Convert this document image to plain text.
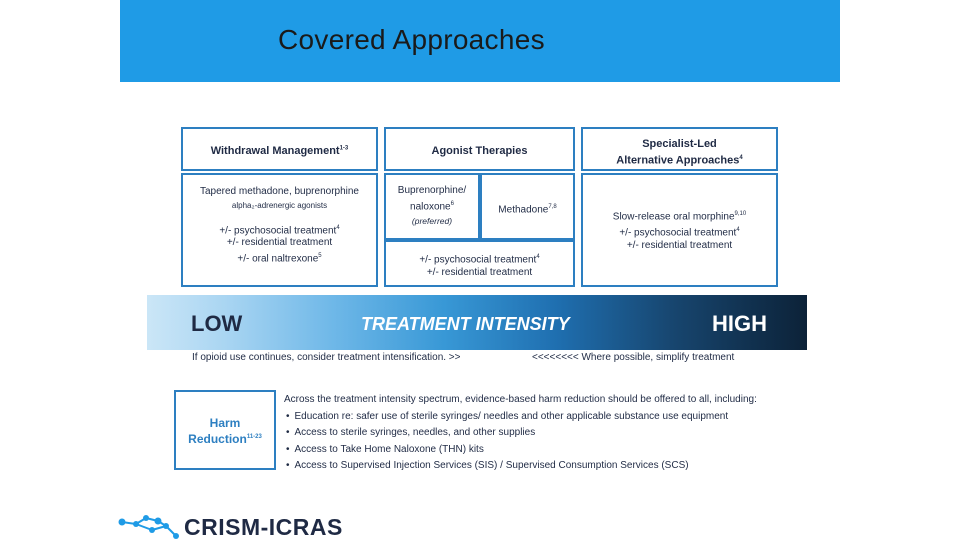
Covered Approaches
Withdrawal Management$^{1-3}$
Tapered methadone, buprenorphine
alpha₂-adrenergic agonists
+/- psychosocial treatment$^4$
+/- residential treatment
+/- oral naltrexone$^5$
Agonist Therapies
Buprenorphine/
naloxone$^6$
(preferred)
Methadone$^{7,8}$
+/- psychosocial treatment$^4$
+/- residential treatment
Specialist-Led
Alternative Approaches$^4$
Slow-release oral morphine$^{9,10}$
+/- psychosocial treatment$^4$
+/- residential treatment
LOW	TREATMENT INTENSITY	HIGH
If opioid use continues, consider treatment intensification. >>	<<<<<<<< Where possible, simplify treatment
Harm
Reduction$^{11-23}$
Across the treatment intensity spectrum, evidence-based harm reduction should be offered to all, including:
• Education re: safer use of sterile syringes/ needles and other applicable substance use equipment
• Access to sterile syringes, needles, and other supplies
• Access to Take Home Naloxone (THN) kits
• Access to Supervised Injection Services (SIS) / Supervised Consumption Services (SCS)
CRISM-ICRAS
